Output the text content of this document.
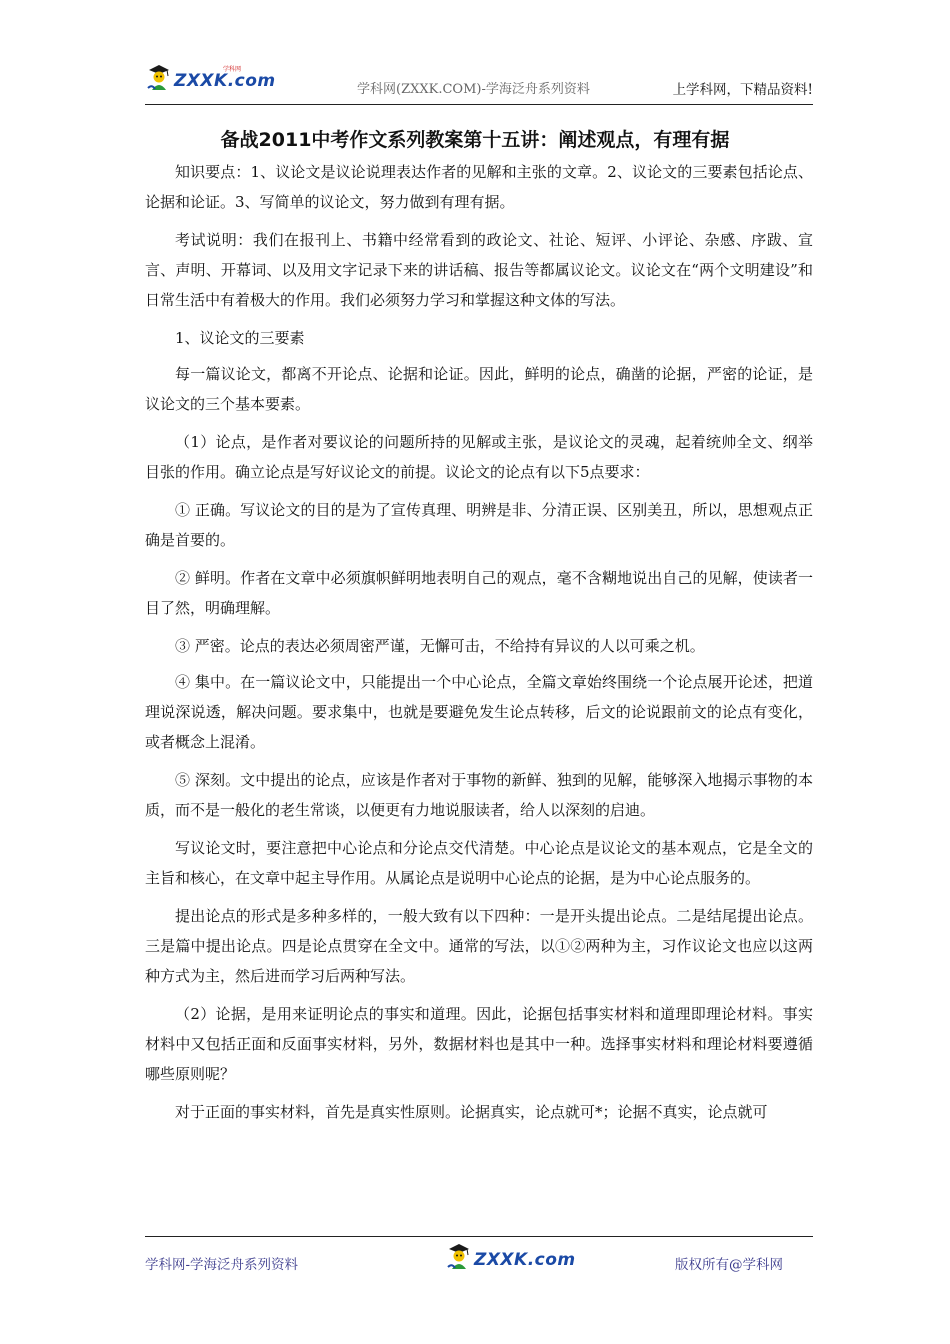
ZXXK.com
学科网
学科网(ZXXK.COM)-学海泛舟系列资料	上学科网，下精品资料!
备战2011中考作文系列教案第十五讲：阐述观点，有理有据

知识要点：1、议论文是议论说理表达作者的见解和主张的文章。2、议论文的三要素包括论点、论据和论证。3、写简单的议论文，努力做到有理有据。

考试说明：我们在报刊上、书籍中经常看到的政论文、社论、短评、小评论、杂感、序跋、宣言、声明、开幕词、以及用文字记录下来的讲话稿、报告等都属议论文。议论文在“两个文明建设”和日常生活中有着极大的作用。我们必须努力学习和掌握这种文体的写法。

1、议论文的三要素

每一篇议论文，都离不开论点、论据和论证。因此，鲜明的论点，确凿的论据，严密的论证，是议论文的三个基本要素。

（1）论点，是作者对要议论的问题所持的见解或主张，是议论文的灵魂，起着统帅全文、纲举目张的作用。确立论点是写好议论文的前提。议论文的论点有以下5点要求：

① 正确。写议论文的目的是为了宣传真理、明辨是非、分清正误、区别美丑，所以，思想观点正确是首要的。

② 鲜明。作者在文章中必须旗帜鲜明地表明自己的观点，毫不含糊地说出自己的见解，使读者一目了然，明确理解。

③ 严密。论点的表达必须周密严谨，无懈可击，不给持有异议的人以可乘之机。

④ 集中。在一篇议论文中，只能提出一个中心论点，全篇文章始终围绕一个论点展开论述，把道理说深说透，解决问题。要求集中，也就是要避免发生论点转移，后文的论说跟前文的论点有变化，或者概念上混淆。

⑤ 深刻。文中提出的论点，应该是作者对于事物的新鲜、独到的见解，能够深入地揭示事物的本质，而不是一般化的老生常谈，以便更有力地说服读者，给人以深刻的启迪。

写议论文时，要注意把中心论点和分论点交代清楚。中心论点是议论文的基本观点，它是全文的主旨和核心，在文章中起主导作用。从属论点是说明中心论点的论据，是为中心论点服务的。

提出论点的形式是多种多样的，一般大致有以下四种：一是开头提出论点。二是结尾提出论点。三是篇中提出论点。四是论点贯穿在全文中。通常的写法，以①②两种为主，习作议论文也应以这两种方式为主，然后进而学习后两种写法。

（2）论据，是用来证明论点的事实和道理。因此，论据包括事实材料和道理即理论材料。事实材料中又包括正面和反面事实材料，另外，数据材料也是其中一种。选择事实材料和理论材料要遵循哪些原则呢？

对于正面的事实材料，首先是真实性原则。论据真实，论点就可*；论据不真实，论点就可

学科网-学海泛舟系列资料	ZXXK.com	版权所有@学科网
